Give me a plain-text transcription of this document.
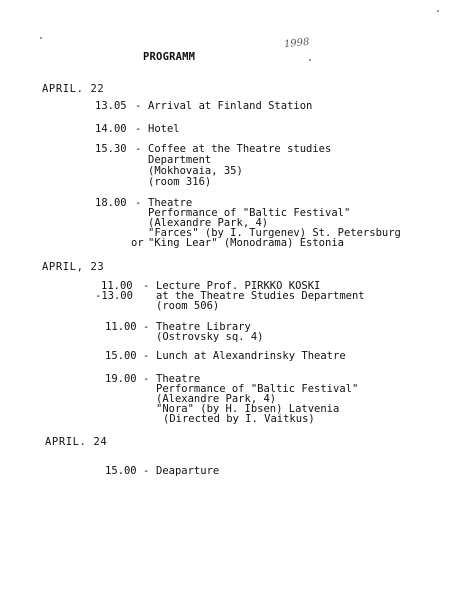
PROGRAMM
1998
APRIL. 22
13.05 - Arrival at Finland Station
14.00 - Hotel
15.30 - Coffee at the Theatre studies
Department
(Mokhovaia, 35)
(room 316)
18.00 - Theatre
Performance of "Baltic Festival"
(Alexandre Park, 4)
"Farces" (by I. Turgenev) St. Petersburg
or "King Lear" (Monodrama) Estonia
APRIL, 23
11.00
-13.00
- Lecture Prof. PIRKKO KOSKI
at the Theatre Studies Department
(room 506)
11.00 - Theatre Library
(Ostrovsky sq. 4)
15.00 - Lunch at Alexandrinsky Theatre
19.00 - Theatre
Performance of "Baltic Festival"
(Alexandre Park, 4)
"Nora" (by H. Ibsen) Latvenia
(Directed by I. Vaitkus)
APRIL. 24
15.00 - Deaparture
